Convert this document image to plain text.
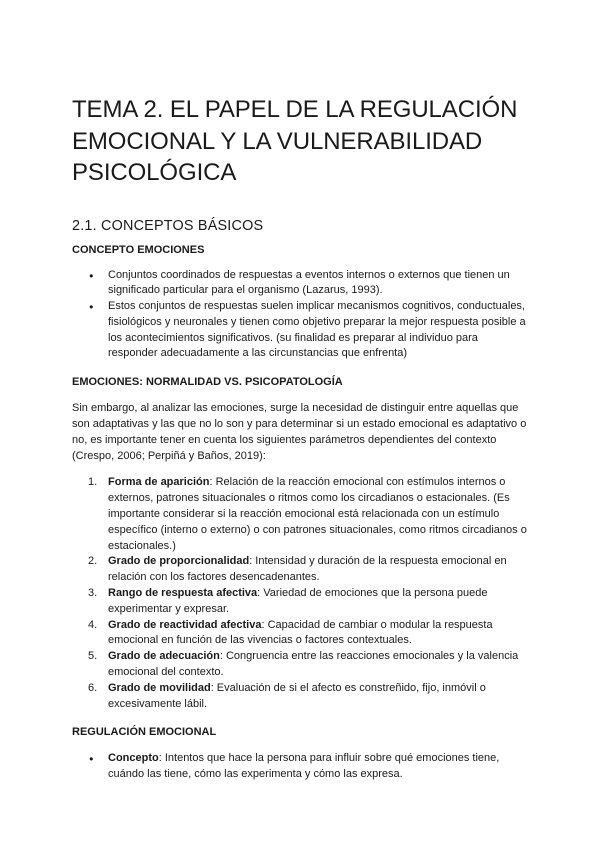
TEMA 2. EL PAPEL DE LA REGULACIÓN
EMOCIONAL Y LA VULNERABILIDAD
PSICOLÓGICA
2.1. CONCEPTOS BÁSICOS
CONCEPTO EMOCIONES
● Conjuntos coordinados de respuestas a eventos internos o externos que tienen un significado particular para el organismo (Lazarus, 1993).
● Estos conjuntos de respuestas suelen implicar mecanismos cognitivos, conductuales, fisiológicos y neuronales y tienen como objetivo preparar la mejor respuesta posible a los acontecimientos significativos. (su finalidad es preparar al individuo para responder adecuadamente a las circunstancias que enfrenta)
EMOCIONES: NORMALIDAD VS. PSICOPATOLOGÍA

Sin embargo, al analizar las emociones, surge la necesidad de distinguir entre aquellas que son adaptativas y las que no lo son y para determinar si un estado emocional es adaptativo o no, es importante tener en cuenta los siguientes parámetros dependientes del contexto (Crespo, 2006; Perpiñá y Baños, 2019):

1. Forma de aparición: Relación de la reacción emocional con estímulos internos o externos, patrones situacionales o ritmos como los circadianos o estacionales. (Es importante considerar si la reacción emocional está relacionada con un estímulo específico (interno o externo) o con patrones situacionales, como ritmos circadianos o estacionales.)
2. Grado de proporcionalidad: Intensidad y duración de la respuesta emocional en relación con los factores desencadenantes.
3. Rango de respuesta afectiva: Variedad de emociones que la persona puede experimentar y expresar.
4. Grado de reactividad afectiva: Capacidad de cambiar o modular la respuesta emocional en función de las vivencias o factores contextuales.
5. Grado de adecuación: Congruencia entre las reacciones emocionales y la valencia emocional del contexto.
6. Grado de movilidad: Evaluación de si el afecto es constreñido, fijo, inmóvil o excesivamente lábil.
REGULACIÓN EMOCIONAL
● Concepto: Intentos que hace la persona para influir sobre qué emociones tiene, cuándo las tiene, cómo las experimenta y cómo las expresa.
